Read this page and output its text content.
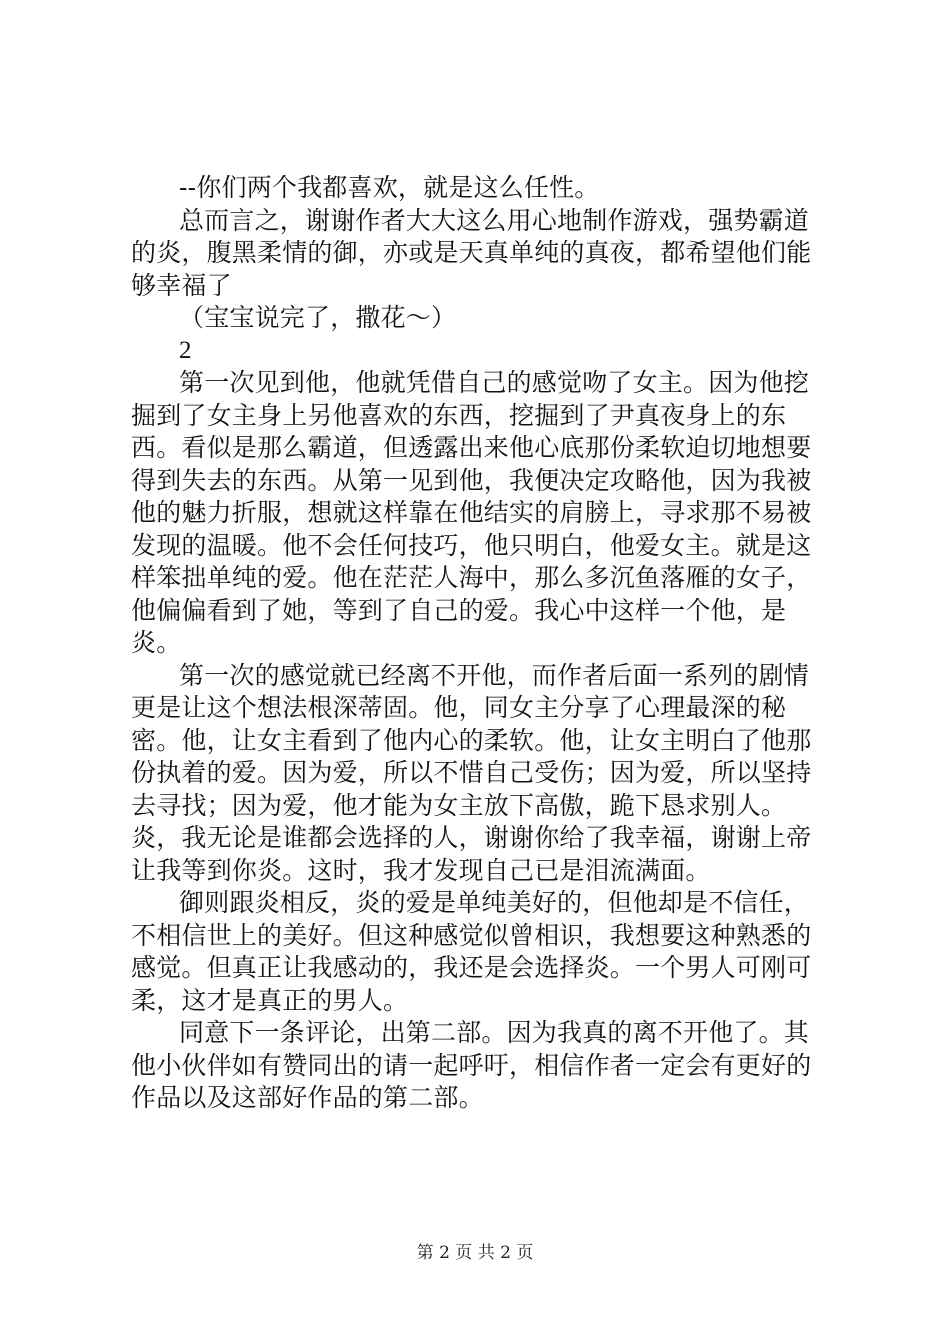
--你们两个我都喜欢，就是这么任性。

总而言之，谢谢作者大大这么用心地制作游戏，强势霸道的炎，腹黑柔情的御，亦或是天真单纯的真夜，都希望他们能够幸福了

（宝宝说完了，撒花～）

2

第一次见到他，他就凭借自己的感觉吻了女主。因为他挖掘到了女主身上另他喜欢的东西，挖掘到了尹真夜身上的东西。看似是那么霸道，但透露出来他心底那份柔软迫切地想要得到失去的东西。从第一见到他，我便决定攻略他，因为我被他的魅力折服，想就这样靠在他结实的肩膀上，寻求那不易被发现的温暖。他不会任何技巧，他只明白，他爱女主。就是这样笨拙单纯的爱。他在茫茫人海中，那么多沉鱼落雁的女子，他偏偏看到了她，等到了自己的爱。我心中这样一个他，是炎。

第一次的感觉就已经离不开他，而作者后面一系列的剧情更是让这个想法根深蒂固。他，同女主分享了心理最深的秘密。他，让女主看到了他内心的柔软。他，让女主明白了他那份执着的爱。因为爱，所以不惜自己受伤；因为爱，所以坚持去寻找；因为爱，他才能为女主放下高傲，跪下恳求别人。炎，我无论是谁都会选择的人，谢谢你给了我幸福，谢谢上帝让我等到你炎。这时，我才发现自己已是泪流满面。

御则跟炎相反，炎的爱是单纯美好的，但他却是不信任，不相信世上的美好。但这种感觉似曾相识，我想要这种熟悉的感觉。但真正让我感动的，我还是会选择炎。一个男人可刚可柔，这才是真正的男人。

同意下一条评论，出第二部。因为我真的离不开他了。其他小伙伴如有赞同出的请一起呼吁，相信作者一定会有更好的作品以及这部好作品的第二部。

第 2 页 共 2 页
